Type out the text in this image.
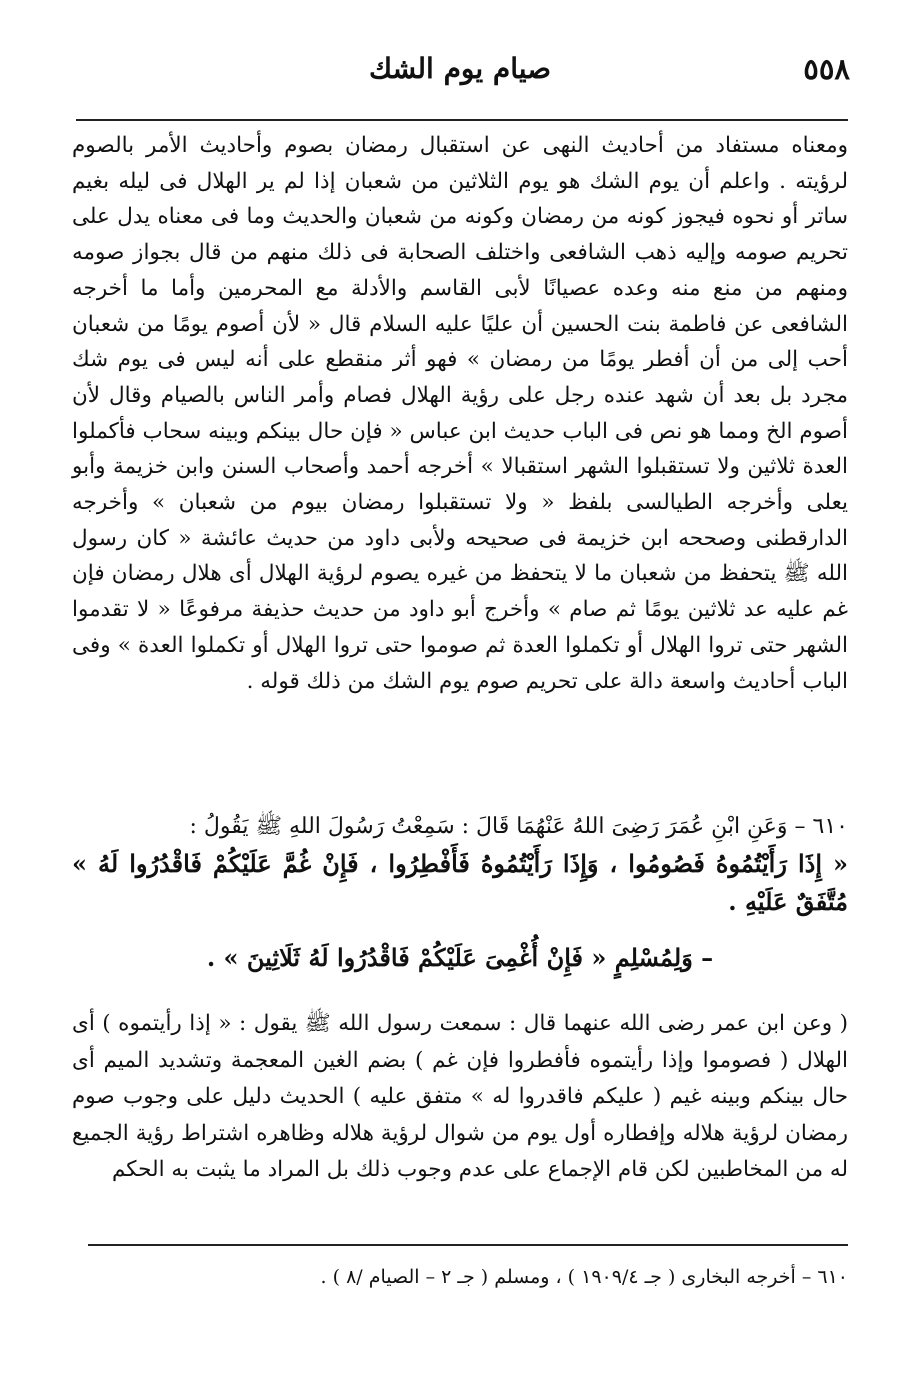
٥٥٨
صيام يوم الشك

ومعناه مستفاد من أحاديث النهى عن استقبال رمضان بصوم وأحاديث الأمر بالصوم لرؤيته . واعلم أن يوم الشك هو يوم الثلاثين من شعبان إذا لم ير الهلال فى ليله بغيم ساتر أو نحوه فيجوز كونه من رمضان وكونه من شعبان والحديث وما فى معناه يدل على تحريم صومه وإليه ذهب الشافعى واختلف الصحابة فى ذلك منهم من قال بجواز صومه ومنهم من منع منه وعده عصيانًا لأبى القاسم والأدلة مع المحرمين وأما ما أخرجه الشافعى عن فاطمة بنت الحسين أن عليًا عليه السلام قال « لأن أصوم يومًا من شعبان أحب إلى من أن أفطر يومًا من رمضان » فهو أثر منقطع على أنه ليس فى يوم شك مجرد بل بعد أن شهد عنده رجل على رؤية الهلال فصام وأمر الناس بالصيام وقال لأن أصوم الخ ومما هو نص فى الباب حديث ابن عباس « فإن حال بينكم وبينه سحاب فأكملوا العدة ثلاثين ولا تستقبلوا الشهر استقبالا » أخرجه أحمد وأصحاب السنن وابن خزيمة وأبو يعلى وأخرجه الطيالسى بلفظ « ولا تستقبلوا رمضان بيوم من شعبان » وأخرجه الدارقطنى وصححه ابن خزيمة فى صحيحه ولأبى داود من حديث عائشة « كان رسول الله ﷺ يتحفظ من شعبان ما لا يتحفظ من غيره يصوم لرؤية الهلال أى هلال رمضان فإن غم عليه عد ثلاثين يومًا ثم صام » وأخرج أبو داود من حديث حذيفة مرفوعًا « لا تقدموا الشهر حتى تروا الهلال أو تكملوا العدة ثم صوموا حتى تروا الهلال أو تكملوا العدة » وفى الباب أحاديث واسعة دالة على تحريم صوم يوم الشك من ذلك قوله .

٦١٠ – وَعَنِ ابْنِ عُمَرَ رَضِىَ اللهُ عَنْهُمَا قَالَ : سَمِعْتُ رَسُولَ اللهِ ﷺ يَقُولُ :
« إِذَا رَأَيْتُمُوهُ فَصُومُوا ، وَإِذَا رَأَيْتُمُوهُ فَأَفْطِرُوا ، فَإِنْ غُمَّ عَلَيْكُمْ فَاقْدُرُوا لَهُ » مُتَّفَقٌ عَلَيْهِ .
– وَلِمُسْلِمٍ « فَإِنْ أُغْمِىَ عَلَيْكُمْ فَاقْدُرُوا لَهُ ثَلَاثِينَ » .

( وعن ابن عمر رضى الله عنهما قال : سمعت رسول الله ﷺ يقول : « إذا رأيتموه ) أى الهلال ( فصوموا وإذا رأيتموه فأفطروا فإن غم ) بضم الغين المعجمة وتشديد الميم أى حال بينكم وبينه غيم ( عليكم فاقدروا له » متفق عليه ) الحديث دليل على وجوب صوم رمضان لرؤية هلاله وإفطاره أول يوم من شوال لرؤية هلاله وظاهره اشتراط رؤية الجميع له من المخاطبين لكن قام الإجماع على عدم وجوب ذلك بل المراد ما يثبت به الحكم

٦١٠ – أخرجه البخارى ( جـ ١٩٠٩/٤ ) ، ومسلم ( جـ ٢ – الصيام /٨ ) .
